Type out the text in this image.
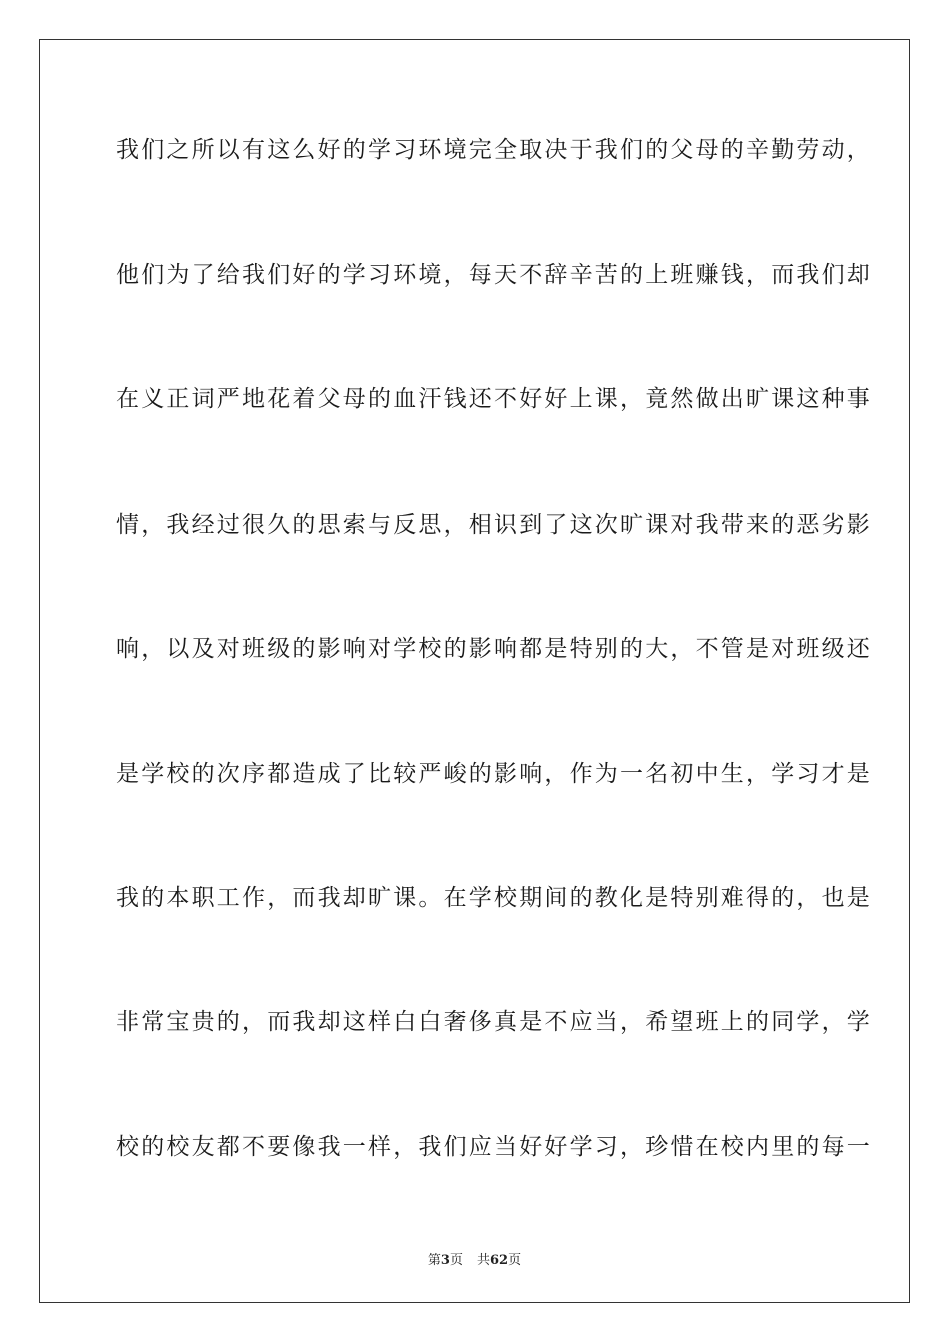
我们之所以有这么好的学习环境完全取决于我们的父母的辛勤劳动，
他们为了给我们好的学习环境，每天不辞辛苦的上班赚钱，而我们却
在义正词严地花着父母的血汗钱还不好好上课，竟然做出旷课这种事
情，我经过很久的思索与反思，相识到了这次旷课对我带来的恶劣影
响，以及对班级的影响对学校的影响都是特别的大，不管是对班级还
是学校的次序都造成了比较严峻的影响，作为一名初中生，学习才是
我的本职工作，而我却旷课。在学校期间的教化是特别难得的，也是
非常宝贵的，而我却这样白白奢侈真是不应当，希望班上的同学，学
校的校友都不要像我一样，我们应当好好学习，珍惜在校内里的每一
第3页 共62页
